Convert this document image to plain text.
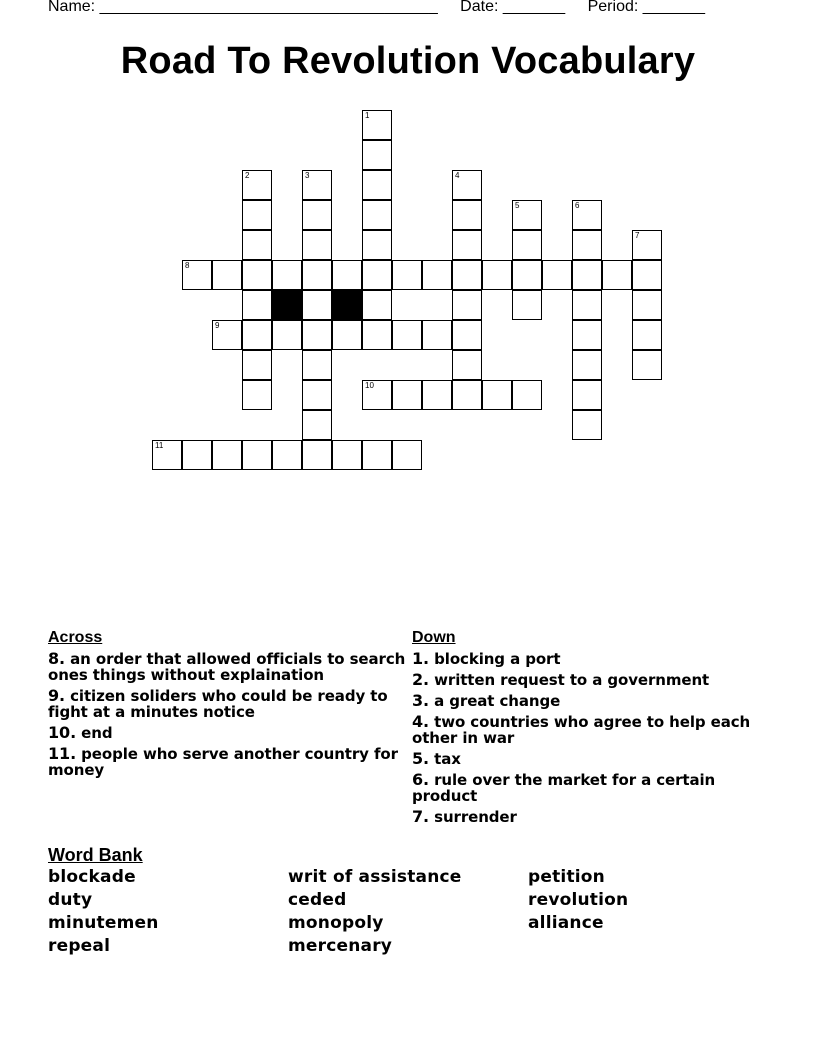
Name: ______________________________________ Date: _______ Period: _______
Road To Revolution Vocabulary
8
9
10
11
1
2	3	4
5	6
7
Across
8. an order that allowed officials to search ones things without explaination
9. citizen soliders who could be ready to fight at a minutes notice
10. end
11. people who serve another country for money
Down
1. blocking a port
2. written request to a government
3. a great change
4. two countries who agree to help each other in war
5. tax
6. rule over the market for a certain product
7. surrender
Word Bank
blockade	writ of assistance	petition
duty	ceded	revolution
minutemen	monopoly	alliance
repeal	mercenary
